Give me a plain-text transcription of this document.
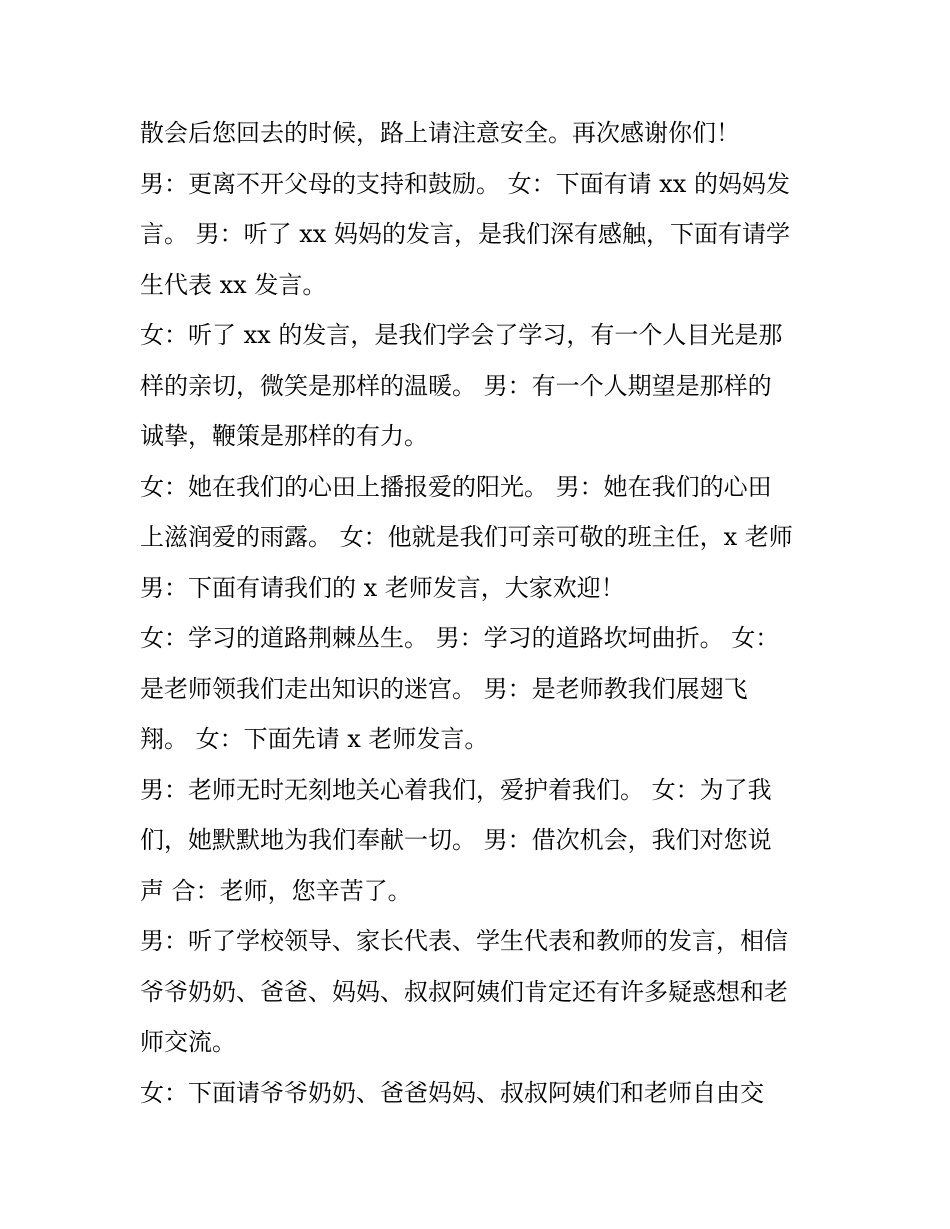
散会后您回去的时候，路上请注意安全。再次感谢你们！
男：更离不开父母的支持和鼓励。 女：下面有请 xx 的妈妈发
言。 男：听了 xx 妈妈的发言，是我们深有感触，下面有请学
生代表 xx 发言。
女：听了 xx 的发言，是我们学会了学习，有一个人目光是那
样的亲切，微笑是那样的温暖。 男：有一个人期望是那样的
诚挚，鞭策是那样的有力。
女：她在我们的心田上播报爱的阳光。 男：她在我们的心田
上滋润爱的雨露。 女：他就是我们可亲可敬的班主任，x 老师
男：下面有请我们的 x 老师发言，大家欢迎！
女：学习的道路荆棘丛生。 男：学习的道路坎坷曲折。 女：
是老师领我们走出知识的迷宫。 男：是老师教我们展翅飞
翔。 女：下面先请 x 老师发言。
男：老师无时无刻地关心着我们，爱护着我们。 女：为了我
们，她默默地为我们奉献一切。 男：借次机会，我们对您说
声 合：老师，您辛苦了。
男：听了学校领导、家长代表、学生代表和教师的发言，相信
爷爷奶奶、爸爸、妈妈、叔叔阿姨们肯定还有许多疑惑想和老
师交流。
女：下面请爷爷奶奶、爸爸妈妈、叔叔阿姨们和老师自由交
